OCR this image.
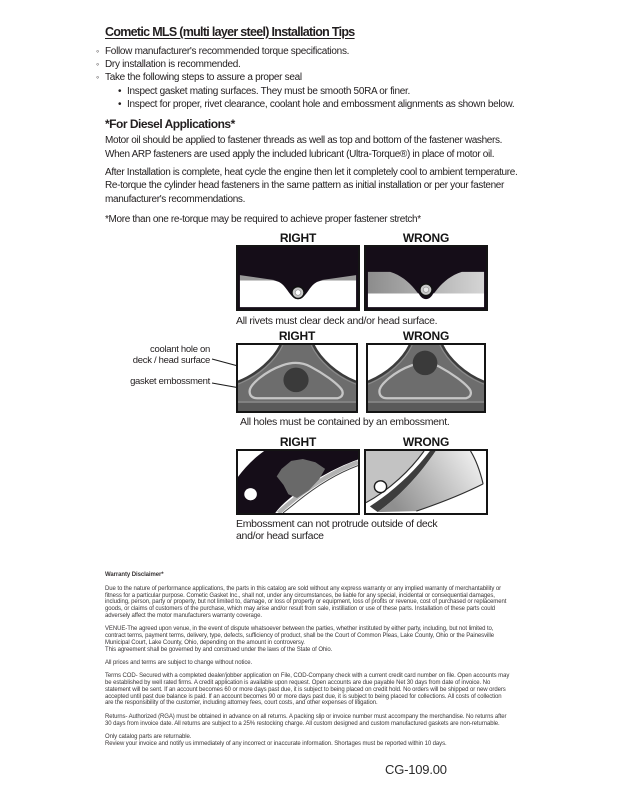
Cometic MLS (multi layer steel) Installation Tips
◦ Follow manufacturer's recommended torque specifications.
◦ Dry installation is recommended.
◦ Take the following steps to assure a proper seal
• Inspect gasket mating surfaces. They must be smooth 50RA or finer.
• Inspect for proper, rivet clearance, coolant hole and embossment alignments as shown below.
*For Diesel Applications*

Motor oil should be applied to fastener threads as well as top and bottom of the fastener washers. When ARP fasteners are used apply the included lubricant (Ultra-Torque®) in place of motor oil.

After Installation is complete, heat cycle the engine then let it completely cool to ambient temperature. Re-torque the cylinder head fasteners in the same pattern as initial installation or per your fastener manufacturer's recommendations.

*More than one re-torque may be required to achieve proper fastener stretch*

RIGHT	WRONG
All rivets must clear deck and/or head surface.
RIGHT	WRONG
coolant hole on
deck / head surface
gasket embossment
All holes must be contained by an embossment.
RIGHT	WRONG
Embossment can not protrude outside of deck
and/or head surface
Warranty Disclaimer*

Due to the nature of performance applications, the parts in this catalog are sold without any express warranty or any implied warranty of merchantability or fitness for a particular purpose. Cometic Gasket Inc., shall not, under any circumstances, be liable for any special, incidental or consequential damages, including, person, party or property, but not limited to, damage, or loss of property or equipment, loss of profits or revenue, cost of purchased or replacement goods, or claims of customers of the purchase, which may arise and/or result from sale, instillation or use of these parts. Installation of these parts could adversely affect the motor manufacturers warranty coverage.

VENUE-The agreed upon venue, in the event of dispute whatsoever between the parties, whether instituted by either party, including, but not limited to, contract terms, payment terms, delivery, type, defects, sufficiency of product, shall be the Court of Common Pleas, Lake County, Ohio or the Painesville Municipal Court, Lake County, Ohio, depending on the amount in controversy.
This agreement shall be governed by and construed under the laws of the State of Ohio.

All prices and terms are subject to change without notice.

Terms COD- Secured with a completed dealer/jobber application on File, COD-Company check with a current credit card number on file. Open accounts may be established by well rated firms. A credit application is available upon request. Open accounts are due payable Net 30 days from date of invoice. No statement will be sent. If an account becomes 60 or more days past due, it is subject to being placed on credit hold. No orders will be shipped or new orders accepted until past due balance is paid. If an account becomes 90 or more days past due, it is subject to being placed for collections. All costs of collection are the responsibility of the customer, including attorney fees, court costs, and other expenses of litigation.

Returns- Authorized (RGA) must be obtained in advance on all returns. A packing slip or invoice number must accompany the merchandise. No returns after 30 days from invoice date. All returns are subject to a 25% restocking charge. All custom designed and custom manufactured gaskets are non-returnable.

Only catalog parts are returnable.
Review your invoice and notify us immediately of any incorrect or inaccurate information. Shortages must be reported within 10 days.

CG-109.00
